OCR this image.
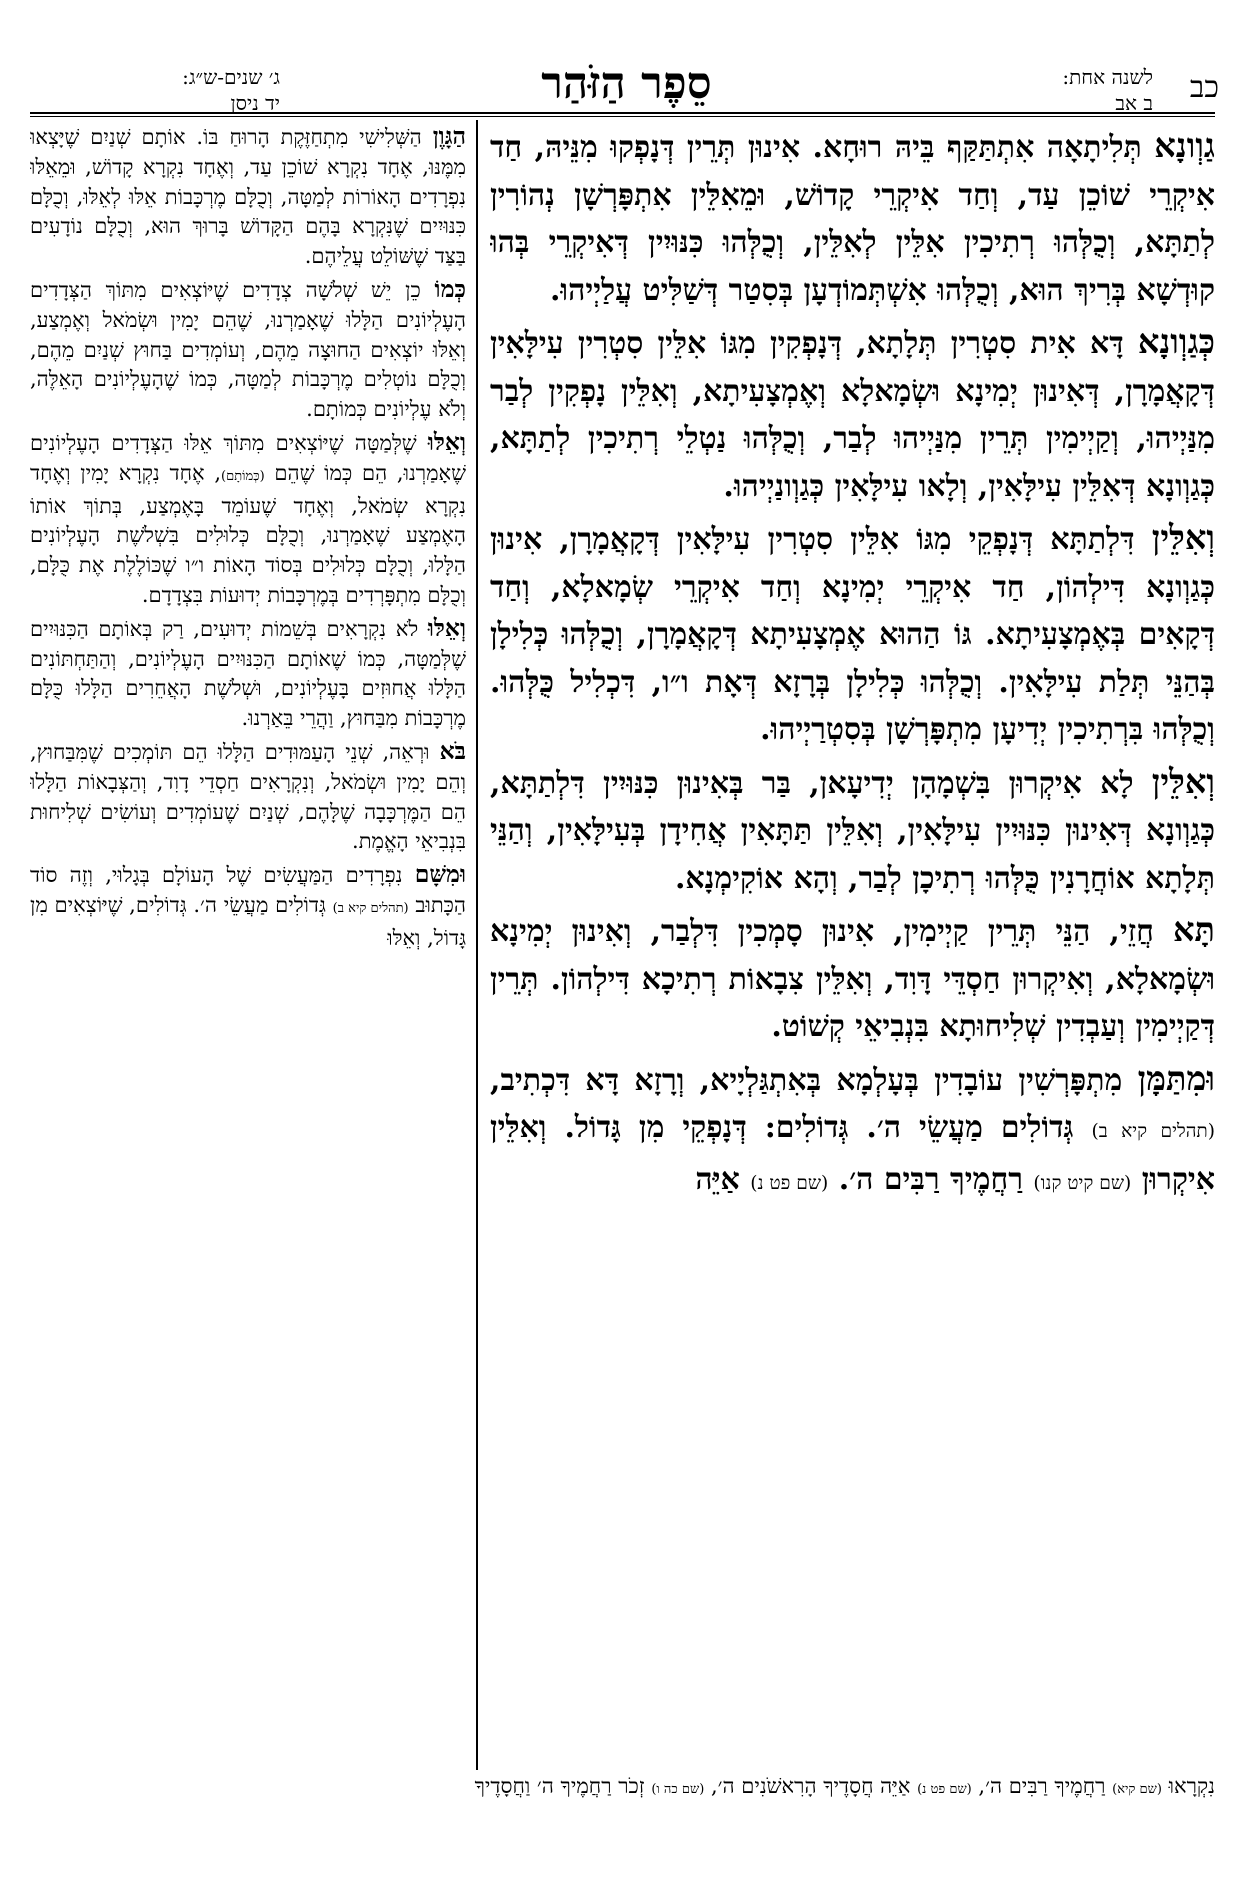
כב
לשנה אחת:
ב אב
סֵפֶר הַזֹּהַר
ג׳ שנים-ש״ג:
יד ניסן

גַוְונָא תְּלִיתָאָה אִתְתַּקַּף בֵּיהּ רוּחָא. אִינוּן תְּרֵין דְּנָפְקוּ מִנֵּיהּ, חַד אִיקְרֵי שׁוֹכֵן עַד, וְחַד אִיקְרֵי קָדוֹשׁ, וּמֵאִלֵּין אִתְפָּרְשָׁן נְהוֹרִין לְתַתָּא, וְכֻלְּהוּ רְתִיכִין אִלֵּין לְאִלֵּין, וְכֻלְּהוּ כִּנּוּיִין דְּאִיקְרֵי בְּהוּ קוּדְשָׁא בְּרִיךְ הוּא, וְכֻלְּהוּ אִשְׁתְּמוֹדְעָן בְּסִטַר דְּשַׁלִּיט עֲלַיְיהוּ.

כְּגַוְונָא דָּא אִית סִטְרִין תְּלָתָא, דְּנָפְקִין מִגּוֹ אִלֵּין סִטְרִין עִילָּאִין דְּקָאֲמָרָן, דְּאִינוּן יְמִינָא וּשְׂמָאלָא וְאֶמְצָעִיתָא, וְאִלֵּין נָפְקִין לְבַר מִנַּיְיהוּ, וְקַיְימִין תְּרֵין מִנַּיְיהוּ לְבַר, וְכֻלְּהוּ נַטְלֵי רְתִיכִין לְתַתָּא, כְּגַוְונָא דְּאִלֵּין עִילָּאִין, וְלָאו עִילָּאִין כְּגַוְונַיְיהוּ.

וְאִלֵּין דִּלְתַתָּא דְּנָפְקֵי מִגּוֹ אִלֵּין סִטְרִין עִילָּאִין דְּקָאֲמָרָן, אִינוּן כְּגַוְונָא דִּילְהוֹן, חַד אִיקְרֵי יְמִינָא וְחַד אִיקְרֵי שְׂמָאלָא, וְחַד דְּקָאִים בְּאֶמְצָעִיתָא. גּוֹ הַהוּא אֶמְצָעִיתָא דְּקָאֲמָרָן, וְכֻלְּהוּ כְּלִילָן בְּהַנֵּי תְּלַת עִילָּאִין. וְכֻלְּהוּ כְּלִילָן בְּרָזָא דְּאָת ו״ו, דִּכְלִיל כֻּלְּהוּ. וְכֻלְּהוּ בִּרְתִיכִין יְדִיעָן מִתְפָּרְשָׁן בְּסִטְרַיְיהוּ.

וְאִלֵּין לָא אִיקְרוּן בִּשְׁמָהָן יְדִיעָאן, בַּר בְּאִינוּן כִּנּוּיִין דִּלְתַתָּא, כְּגַוְונָא דְּאִינוּן כִּנּוּיִין עִילָּאִין, וְאִלֵּין תַּתָּאִין אֲחִידָן בְּעִילָּאִין, וְהַנֵּי תְּלָתָא אוֹחֲרָנִין כֻּלְּהוּ רְתִיכָן לְבַר, וְהָא אוֹקִימְנָא.

תָּא חֲזֵי, הַנֵּי תְּרֵין קַיְימִין, אִינוּן סָמְכִין דִּלְבַר, וְאִינוּן יְמִינָא וּשְׂמָאלָא, וְאִיקְרוּן חַסְדֵּי דָּוִד, וְאִלֵּין צִבָאוֹת רְתִיכָא דִּילְהוֹן. תְּרֵין דְּקַיְימִין וְעַבְדִין שְׁלִיחוּתָא בִּנְבִיאֵי קְשׁוֹט.

וּמִתַּמָּן מִתְפָּרְשִׁין עוֹבָדִין בְּעָלְמָא בְּאִתְגַּלְיָיא, וְרָזָא דָּא דִּכְתִיב, (תהלים קיא ב) גְּדוֹלִים מַעֲשֵׂי ה׳. גְּדוֹלִים: דְּנָפְקֵי מִן גָּדוֹל. וְאִלֵּין אִיקְרוּן (שם קיט קנו) רַחֲמֶיךָ רַבִּים ה׳. (שם פט נ) אַיֵּה

הַגָּוֶן הַשְּׁלִישִׁי מִתְחַזֶּקֶת הָרוּחַ בּוֹ. אוֹתָם שְׁנַיִם שֶׁיָּצְאוּ מִמֶּנּוּ, אֶחָד נִקְרָא שׁוֹכֵן עַד, וְאֶחָד נִקְרָא קָדוֹשׁ, וּמֵאֵלּוּ נִפְרָדִים הָאוֹרוֹת לְמַטָּה, וְכֻלָּם מֶרְכָּבוֹת אֵלּוּ לְאֵלּוּ, וְכֻלָּם כִּנּוּיִים שֶׁנִּקְרָא בָּהֶם הַקָּדוֹשׁ בָּרוּךְ הוּא, וְכֻלָּם נוֹדָעִים בַּצַּד שֶׁשּׁוֹלֵט עֲלֵיהֶם.

כְּמוֹ כֵן יֵשׁ שְׁלֹשָׁה צְדָדִים שֶׁיּוֹצְאִים מִתּוֹךְ הַצְּדָדִים הָעֶלְיוֹנִים הַלָּלוּ שֶׁאָמַרְנוּ, שֶׁהֵם יָמִין וּשְׂמֹאל וְאֶמְצַע, וְאֵלּוּ יוֹצְאִים הַחוּצָה מֵהֶם, וְעוֹמְדִים בַּחוּץ שְׁנַיִם מֵהֶם, וְכֻלָּם נוֹטְלִים מֶרְכָּבוֹת לְמַטָּה, כְּמוֹ שֶׁהָעֶלְיוֹנִים הָאֵלֶּה, וְלֹא עֶלְיוֹנִים כְּמוֹתָם.

וְאֵלּוּ שֶׁלְּמַטָּה שֶׁיּוֹצְאִים מִתּוֹךְ אֵלּוּ הַצְּדָדִים הָעֶלְיוֹנִים שֶׁאָמַרְנוּ, הֵם כְּמוֹ שֶׁהֵם (כְּמוֹתָם), אֶחָד נִקְרָא יָמִין וְאֶחָד נִקְרָא שְׂמֹאל, וְאֶחָד שֶׁעוֹמֵד בָּאֶמְצַע, בְּתוֹךְ אוֹתוֹ הָאֶמְצַע שֶׁאָמַרְנוּ, וְכֻלָּם כְּלוּלִים בִּשְׁלֹשֶׁת הָעֶלְיוֹנִים הַלָּלוּ, וְכֻלָּם כְּלוּלִים בְּסוֹד הָאוֹת ו״ו שֶׁכּוֹלֶלֶת אֶת כֻּלָּם, וְכֻלָּם מִתְפָּרְדִים בְּמֶרְכָּבוֹת יְדוּעוֹת בִּצְדָדָם.

וְאֵלּוּ לֹא נִקְרָאִים בְּשֵׁמוֹת יְדוּעִים, רַק בְּאוֹתָם הַכִּנּוּיִים שֶׁלְּמַטָּה, כְּמוֹ שֶׁאוֹתָם הַכִּנּוּיִים הָעֶלְיוֹנִים, וְהַתַּחְתּוֹנִים הַלָּלוּ אֲחוּזִים בָּעֶלְיוֹנִים, וּשְׁלֹשֶׁת הָאֲחֵרִים הַלָּלוּ כֻּלָּם מֶרְכָּבוֹת מִבַּחוּץ, וַהֲרֵי בֵּאַרְנוּ.

בֹּא וּרְאֵה, שְׁנֵי הָעַמּוּדִים הַלָּלוּ הֵם תּוֹמְכִים שֶׁמִּבַּחוּץ, וְהֵם יָמִין וּשְׂמֹאל, וְנִקְרָאִים חַסְדֵי דָוִד, וְהַצְּבָאוֹת הַלָּלוּ הֵם הַמֶּרְכָּבָה שֶׁלָּהֶם, שְׁנַיִם שֶׁעוֹמְדִים וְעוֹשִׂים שְׁלִיחוּת בִּנְבִיאֵי הָאֱמֶת.

וּמִשָּׁם נִפְרָדִים הַמַּעֲשִׂים שֶׁל הָעוֹלָם בְּגָלוּי, וְזֶה סוֹד הַכָּתוּב (תהלים קיא ב) גְּדוֹלִים מַעֲשֵׂי ה׳. גְּדוֹלִים, שֶׁיּוֹצְאִים מִן גָּדוֹל, וְאֵלּוּ

נִקְרָאוּ (שם קיא) רַחֲמֶיךָ רַבִּים ה׳, (שם פט נ) אַיֵּה חֲסָדֶיךָ הָרִאשֹׁנִים ה׳, (שם כה ו) זְכֹר רַחֲמֶיךָ ה׳ וַחֲסָדֶיךָ
